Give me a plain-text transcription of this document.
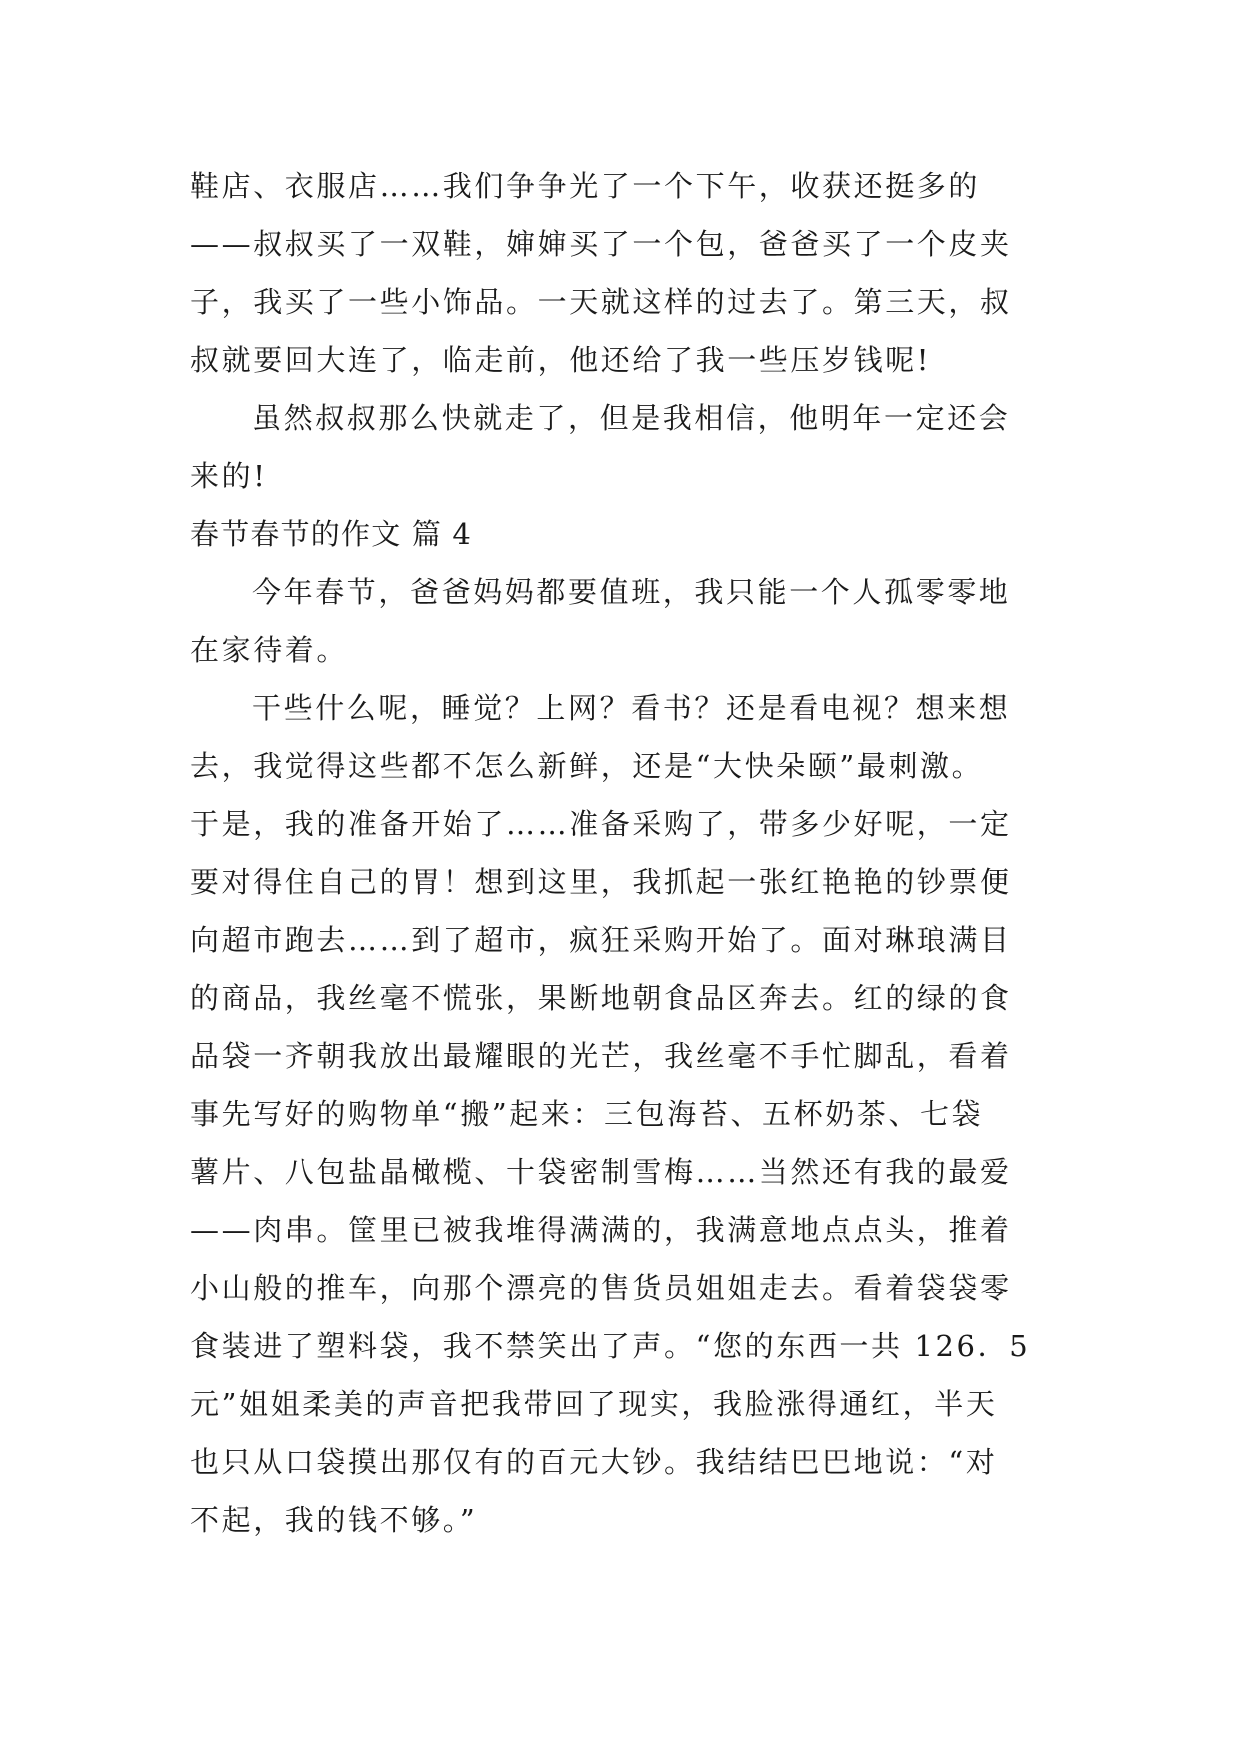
鞋店、衣服店……我们争争光了一个下午，收获还挺多的
——叔叔买了一双鞋，婶婶买了一个包，爸爸买了一个皮夹
子，我买了一些小饰品。一天就这样的过去了。第三天，叔
叔就要回大连了，临走前，他还给了我一些压岁钱呢!
虽然叔叔那么快就走了，但是我相信，他明年一定还会
来的!
春节春节的作文 篇 4
今年春节，爸爸妈妈都要值班，我只能一个人孤零零地
在家待着。
干些什么呢，睡觉？上网？看书？还是看电视？想来想
去，我觉得这些都不怎么新鲜，还是“大快朵颐”最刺激。
于是，我的准备开始了……准备采购了，带多少好呢，一定
要对得住自己的胃！想到这里，我抓起一张红艳艳的钞票便
向超市跑去……到了超市，疯狂采购开始了。面对琳琅满目
的商品，我丝毫不慌张，果断地朝食品区奔去。红的绿的食
品袋一齐朝我放出最耀眼的光芒，我丝毫不手忙脚乱，看着
事先写好的购物单“搬”起来：三包海苔、五杯奶茶、七袋
薯片、八包盐晶橄榄、十袋密制雪梅……当然还有我的最爱
——肉串。筐里已被我堆得满满的，我满意地点点头，推着
小山般的推车，向那个漂亮的售货员姐姐走去。看着袋袋零
食装进了塑料袋，我不禁笑出了声。“您的东西一共 126．5
元”姐姐柔美的声音把我带回了现实，我脸涨得通红，半天
也只从口袋摸出那仅有的百元大钞。我结结巴巴地说：“对
不起，我的钱不够。”
